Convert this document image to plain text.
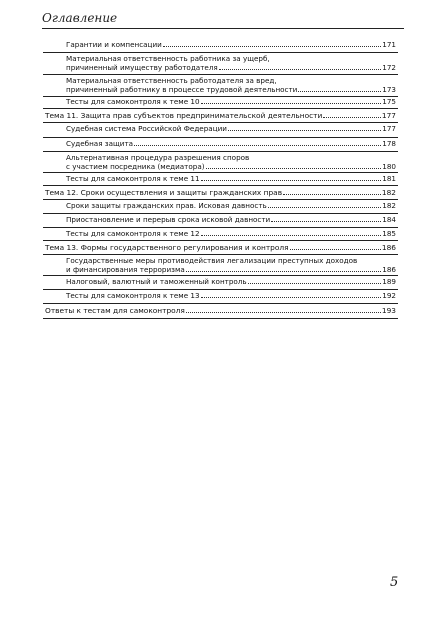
Оглавление
Гарантии и компенсации	171
Материальная ответственность работника за ущерб,
причиненный имуществу работодателя	172
Материальная ответственность работодателя за вред,
причиненный работнику в процессе трудовой деятельности	173
Тесты для самоконтроля к теме 10	175
Тема 11. Защита прав субъектов предпринимательской деятельности	177
Судебная система Российской Федерации	177
Судебная защита	178
Альтернативная процедура разрешения споров
с участием посредника (медиатора)	180
Тесты для самоконтроля к теме 11	181
Тема 12. Сроки осуществления и защиты гражданских прав	182
Сроки защиты гражданских прав. Исковая давность	182
Приостановление и перерыв срока исковой давности	184
Тесты для самоконтроля к теме 12	185
Тема 13. Формы государственного регулирования и контроля	186
Государственные меры противодействия легализации преступных доходов
и финансирования терроризма	186
Налоговый, валютный и таможенный контроль	189
Тесты для самоконтроля к теме 13	192
Ответы к тестам для самоконтроля	193
5
